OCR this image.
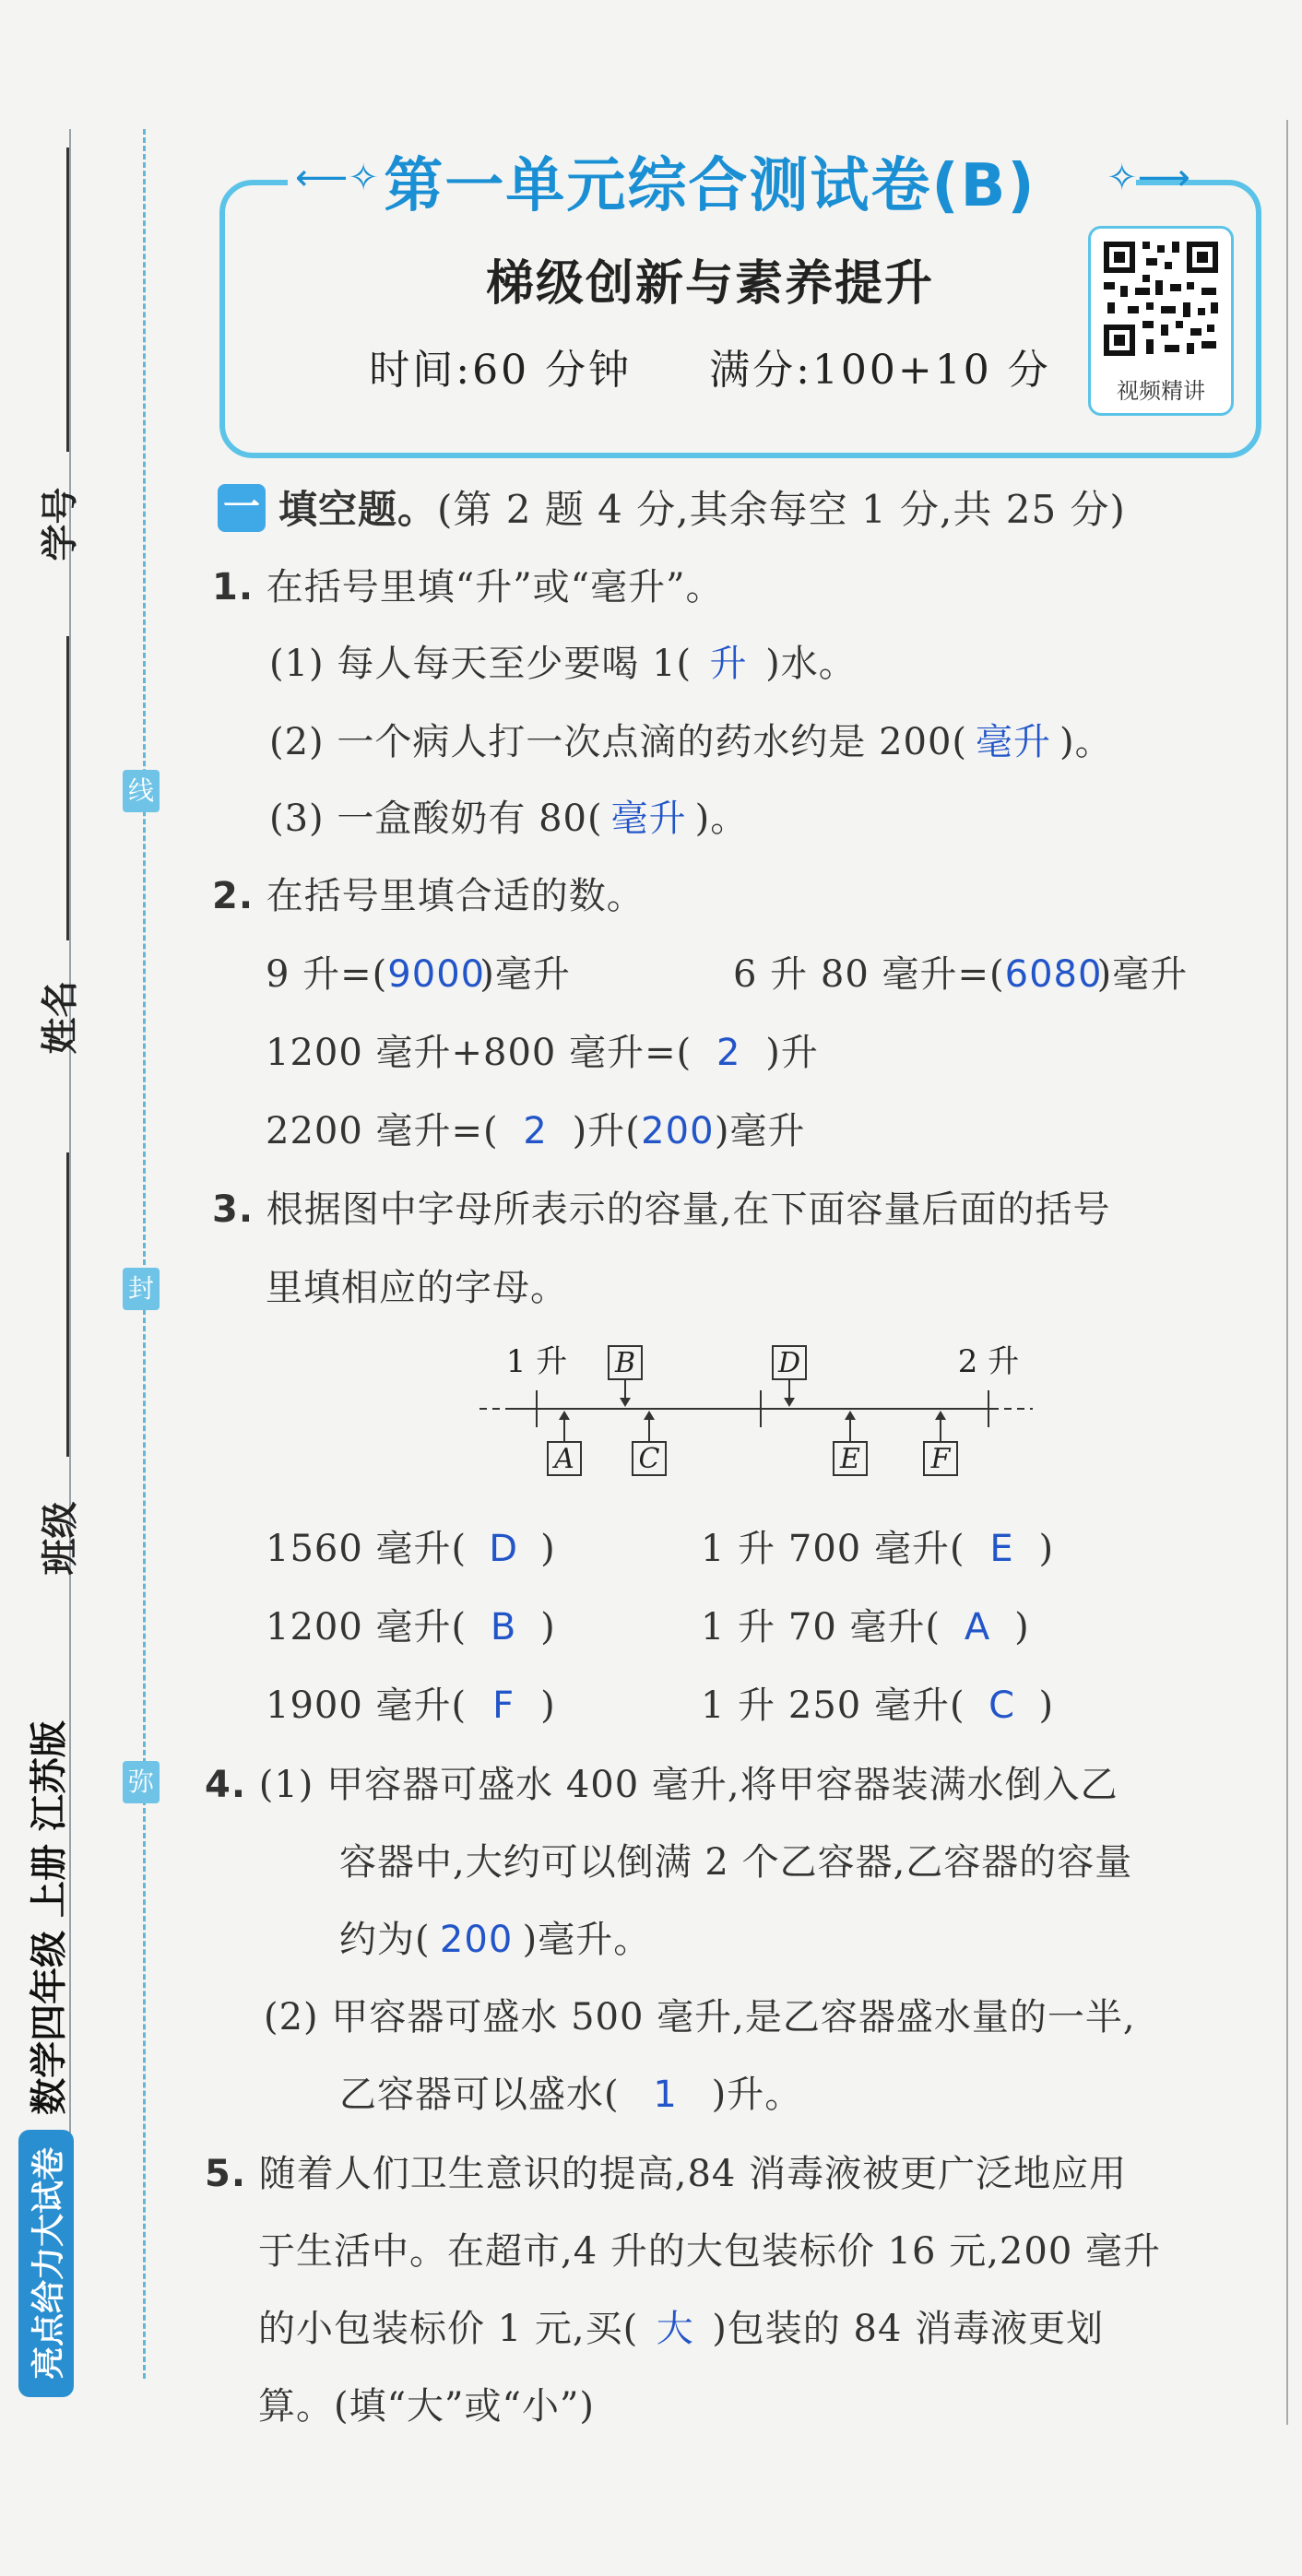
学号
姓名
班级
线
封
弥
数学四年级 上册 江苏版
亮点给力大试卷
⟵✧	✧⟶
第一单元综合测试卷(B)
梯级创新与素养提升
时间:60 分钟 满分:100+10 分	视频精讲
一 填空题。(第 2 题 4 分,其余每空 1 分,共 25 分)
1. 在括号里填“升”或“毫升”。
(1) 每人每天至少要喝 1( 升 )水。
(2) 一个病人打一次点滴的药水约是 200( 毫升 )。
(3) 一盒酸奶有 80( 毫升 )。
2. 在括号里填合适的数。
9 升=(9000)毫升	6 升 80 毫升=(6080)毫升
1200 毫升+800 毫升=( 2 )升
2200 毫升=( 2 )升(200)毫升
3. 根据图中字母所表示的容量,在下面容量后面的括号
里填相应的字母。
1 升	2 升
B	D
A C	E	F
1560 毫升( D )	1 升 700 毫升( E )
1200 毫升( B )	1 升 70 毫升( A )
1900 毫升( F )	1 升 250 毫升( C )
4. (1) 甲容器可盛水 400 毫升,将甲容器装满水倒入乙
容器中,大约可以倒满 2 个乙容器,乙容器的容量
约为( 200 )毫升。
(2) 甲容器可盛水 500 毫升,是乙容器盛水量的一半,
乙容器可以盛水( 1 )升。
5. 随着人们卫生意识的提高,84 消毒液被更广泛地应用
于生活中。在超市,4 升的大包装标价 16 元,200 毫升
的小包装标价 1 元,买( 大 )包装的 84 消毒液更划
算。(填“大”或“小”)
